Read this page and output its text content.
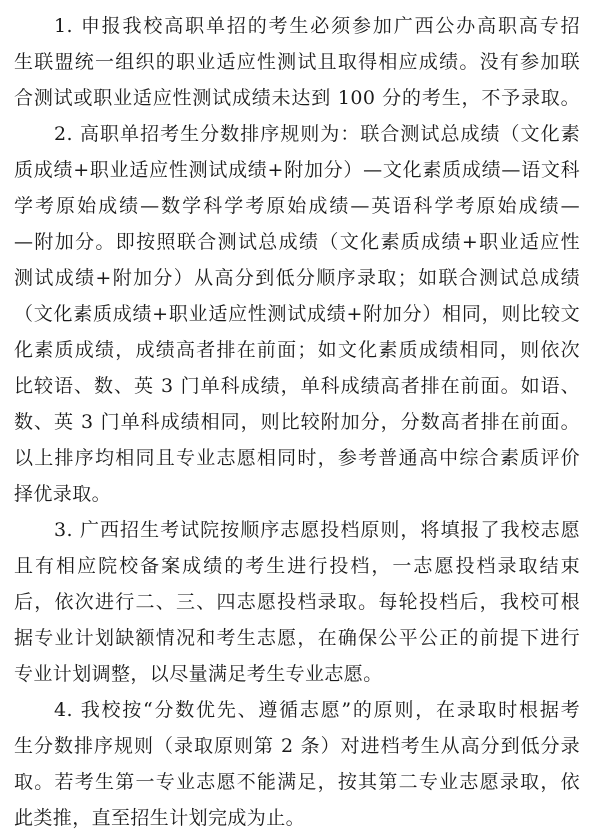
1. 申报我校高职单招的考生必须参加广西公办高职高专招
生联盟统一组织的职业适应性测试且取得相应成绩。没有参加联
合测试或职业适应性测试成绩未达到 100 分的考生，不予录取。
2. 高职单招考生分数排序规则为：联合测试总成绩（文化素
质成绩+职业适应性测试成绩+附加分）—文化素质成绩—语文科
学考原始成绩—数学科学考原始成绩—英语科学考原始成绩—
—附加分。即按照联合测试总成绩（文化素质成绩+职业适应性
测试成绩+附加分）从高分到低分顺序录取；如联合测试总成绩
（文化素质成绩+职业适应性测试成绩+附加分）相同，则比较文
化素质成绩，成绩高者排在前面；如文化素质成绩相同，则依次
比较语、数、英 3 门单科成绩，单科成绩高者排在前面。如语、
数、英 3 门单科成绩相同，则比较附加分，分数高者排在前面。
以上排序均相同且专业志愿相同时，参考普通高中综合素质评价
择优录取。
3. 广西招生考试院按顺序志愿投档原则，将填报了我校志愿
且有相应院校备案成绩的考生进行投档，一志愿投档录取结束
后，依次进行二、三、四志愿投档录取。每轮投档后，我校可根
据专业计划缺额情况和考生志愿，在确保公平公正的前提下进行
专业计划调整，以尽量满足考生专业志愿。
4. 我校按“分数优先、遵循志愿”的原则，在录取时根据考
生分数排序规则（录取原则第 2 条）对进档考生从高分到低分录
取。若考生第一专业志愿不能满足，按其第二专业志愿录取，依
此类推，直至招生计划完成为止。
